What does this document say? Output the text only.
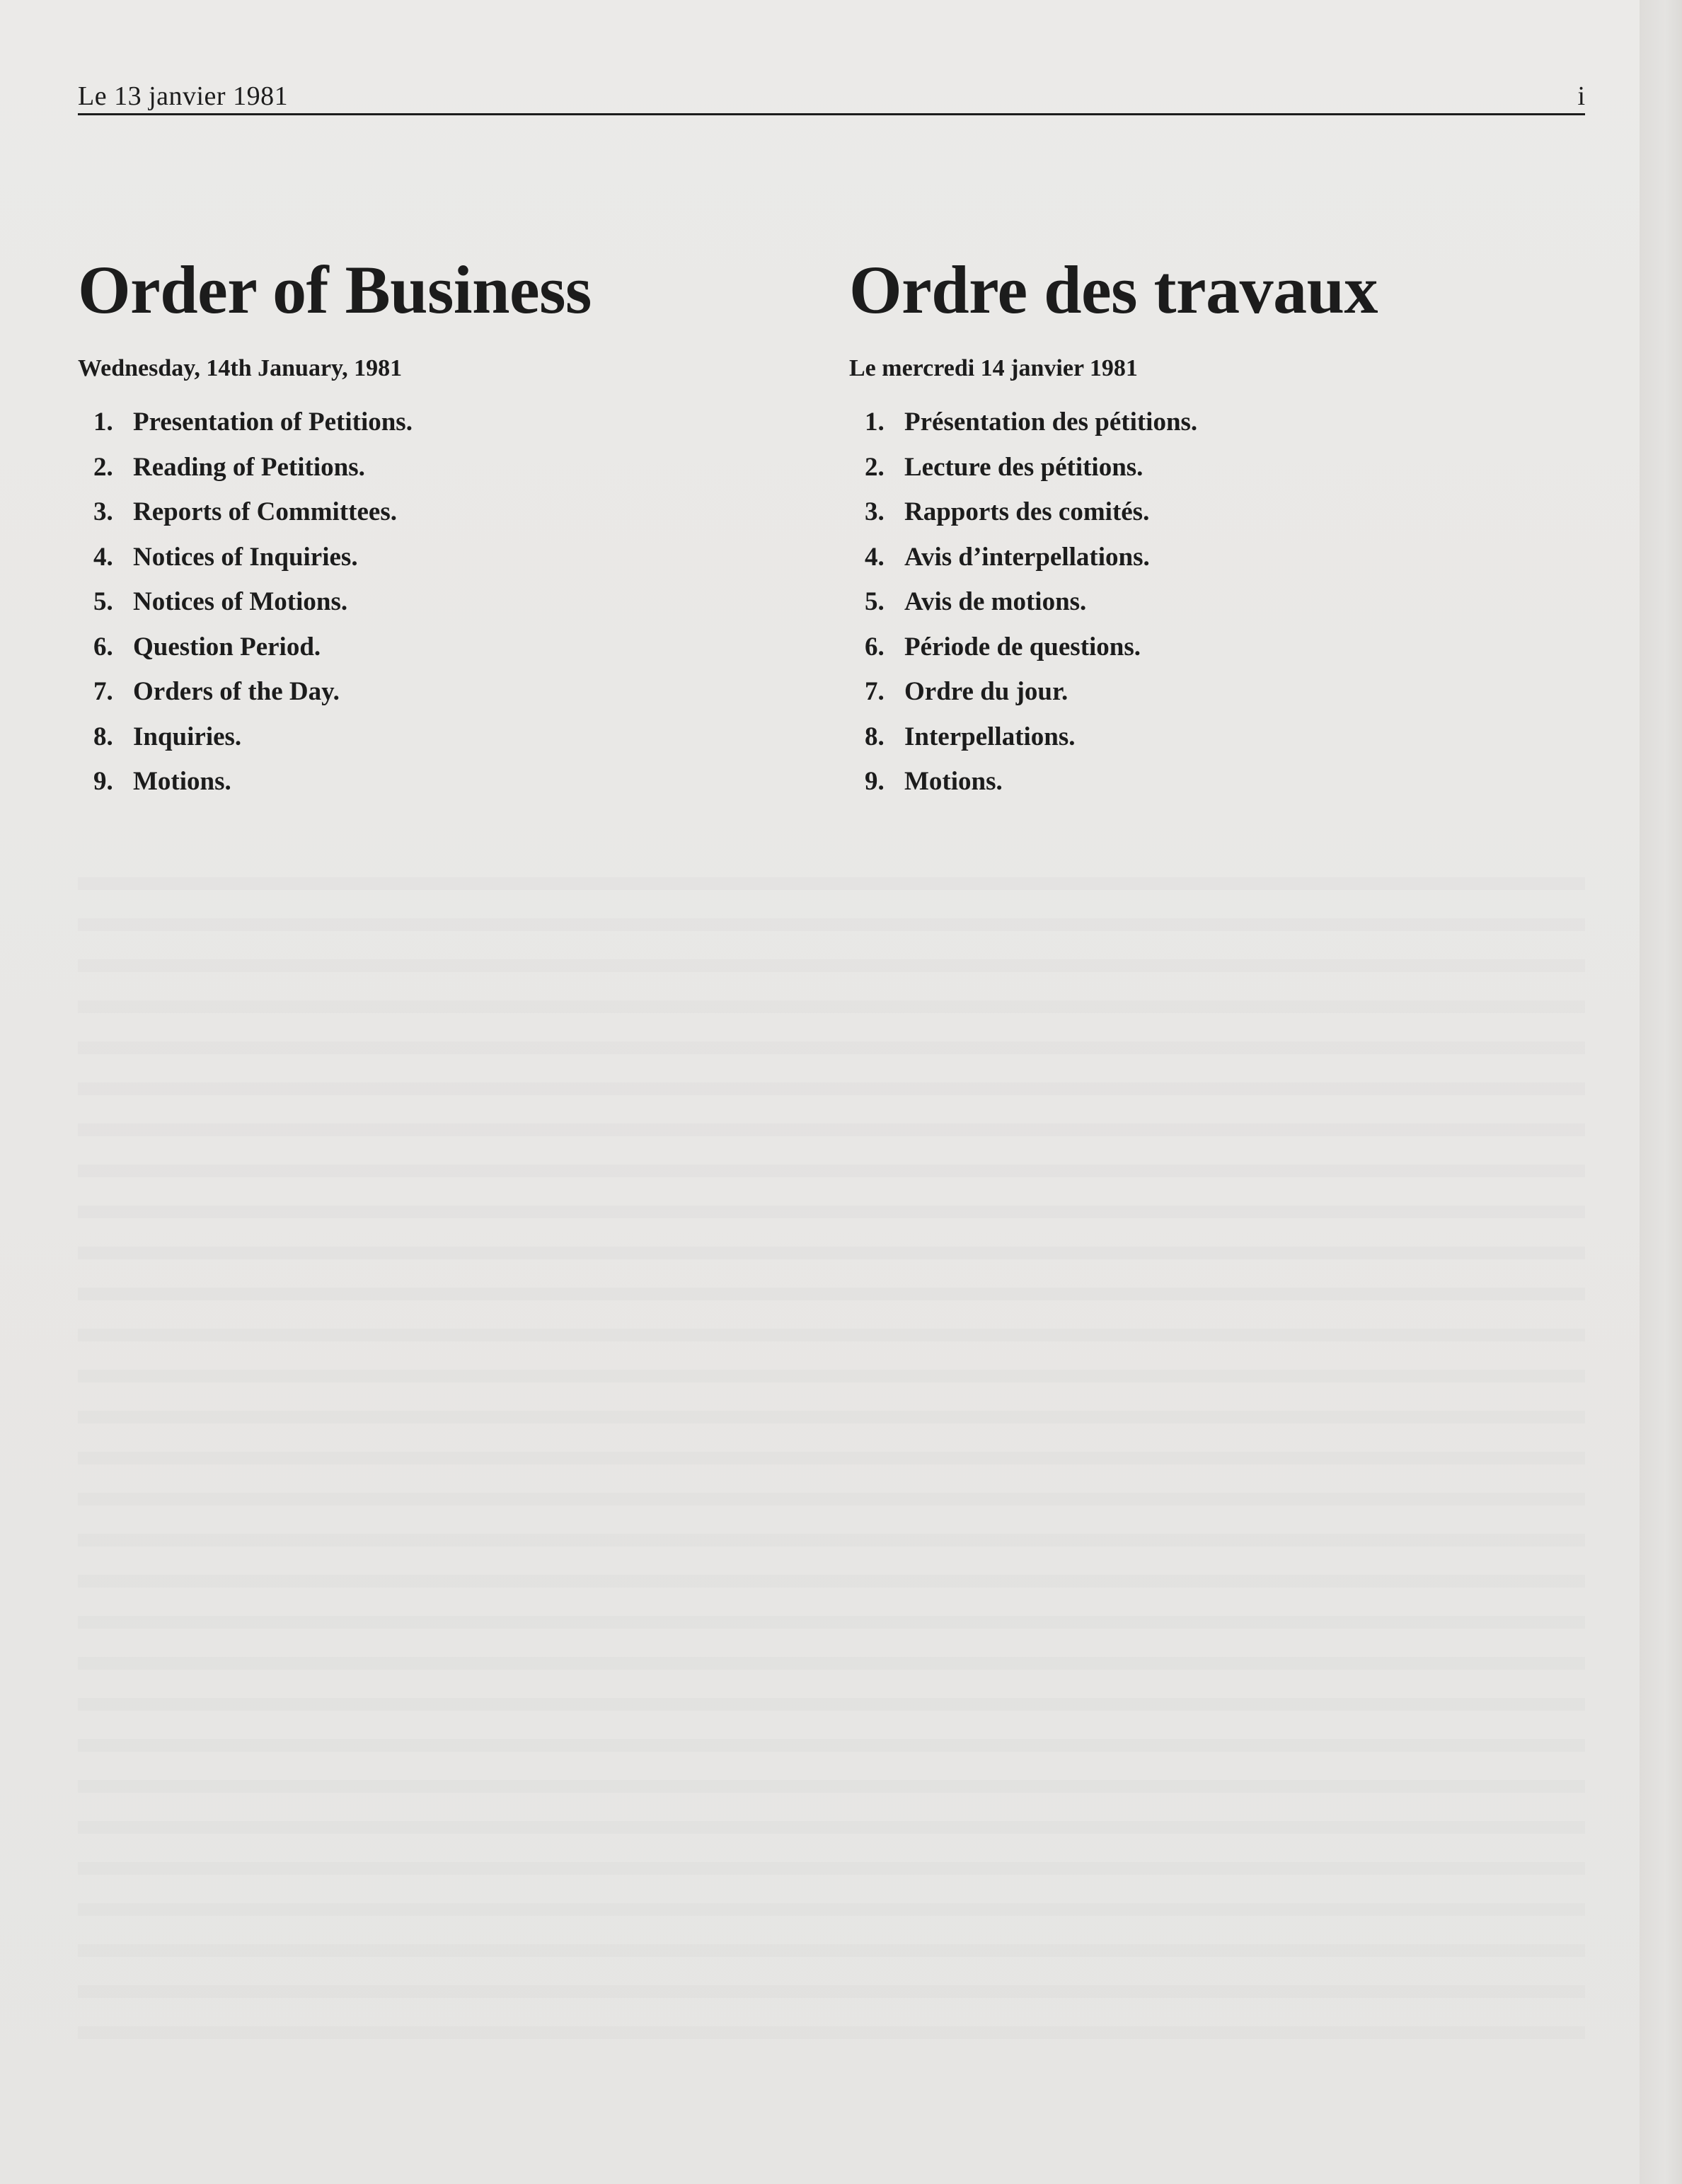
Le 13 janvier 1981	i
Order of Business
Wednesday, 14th January, 1981
1. Presentation of Petitions.
2. Reading of Petitions.
3. Reports of Committees.
4. Notices of Inquiries.
5. Notices of Motions.
6. Question Period.
7. Orders of the Day.
8. Inquiries.
9. Motions.
Ordre des travaux
Le mercredi 14 janvier 1981
1. Présentation des pétitions.
2. Lecture des pétitions.
3. Rapports des comités.
4. Avis d’interpellations.
5. Avis de motions.
6. Période de questions.
7. Ordre du jour.
8. Interpellations.
9. Motions.
